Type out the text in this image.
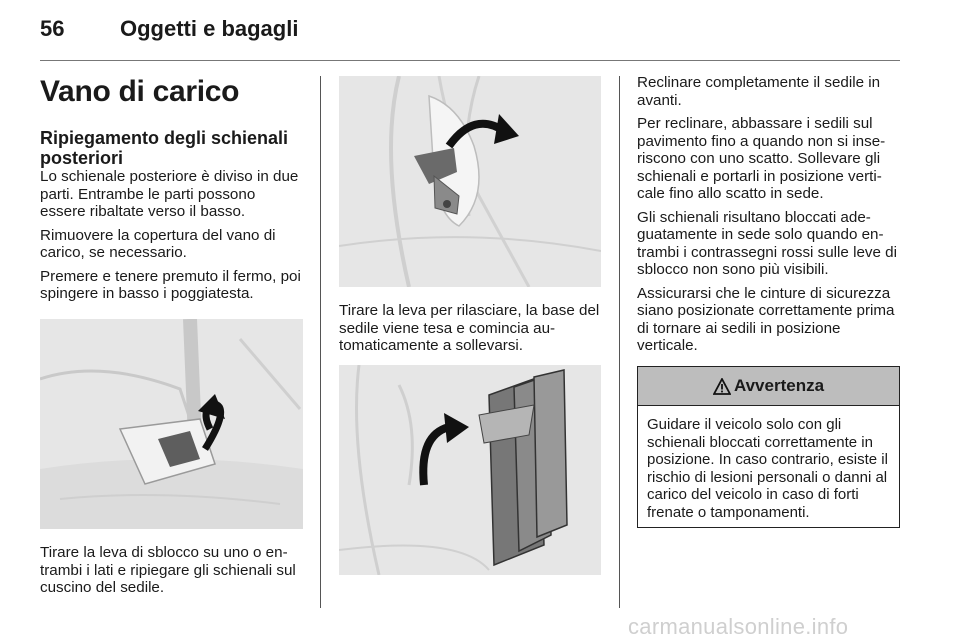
56	Oggetti e bagagli
Vano di carico
Ripiegamento degli schienali posteriori

Lo schienale posteriore è diviso in due parti. Entrambe le parti possono essere ribaltate verso il basso.

Rimuovere la copertura del vano di carico, se necessario.

Premere e tenere premuto il fermo, poi spingere in basso i poggiatesta.

Tirare la leva di sblocco su uno o en-trambi i lati e ripiegare gli schienali sul cuscino del sedile.

Tirare la leva per rilasciare, la base del sedile viene tesa e comincia au-tomaticamente a sollevarsi.

Reclinare completamente il sedile in avanti.

Per reclinare, abbassare i sedili sul pavimento fino a quando non si inse-riscono con uno scatto. Sollevare gli schienali e portarli in posizione verti-cale fino allo scatto in sede.

Gli schienali risultano bloccati ade-guatamente in sede solo quando en-trambi i contrassegni rossi sulle leve di sblocco non sono più visibili.

Assicurarsi che le cinture di sicurezza siano posizionate correttamente prima di tornare ai sedili in posizione verticale.

Avvertenza

Guidare il veicolo solo con gli schienali bloccati correttamente in posizione. In caso contrario, esiste il rischio di lesioni personali o danni al carico del veicolo in caso di forti frenate o tamponamenti.

carmanualsonline.info
